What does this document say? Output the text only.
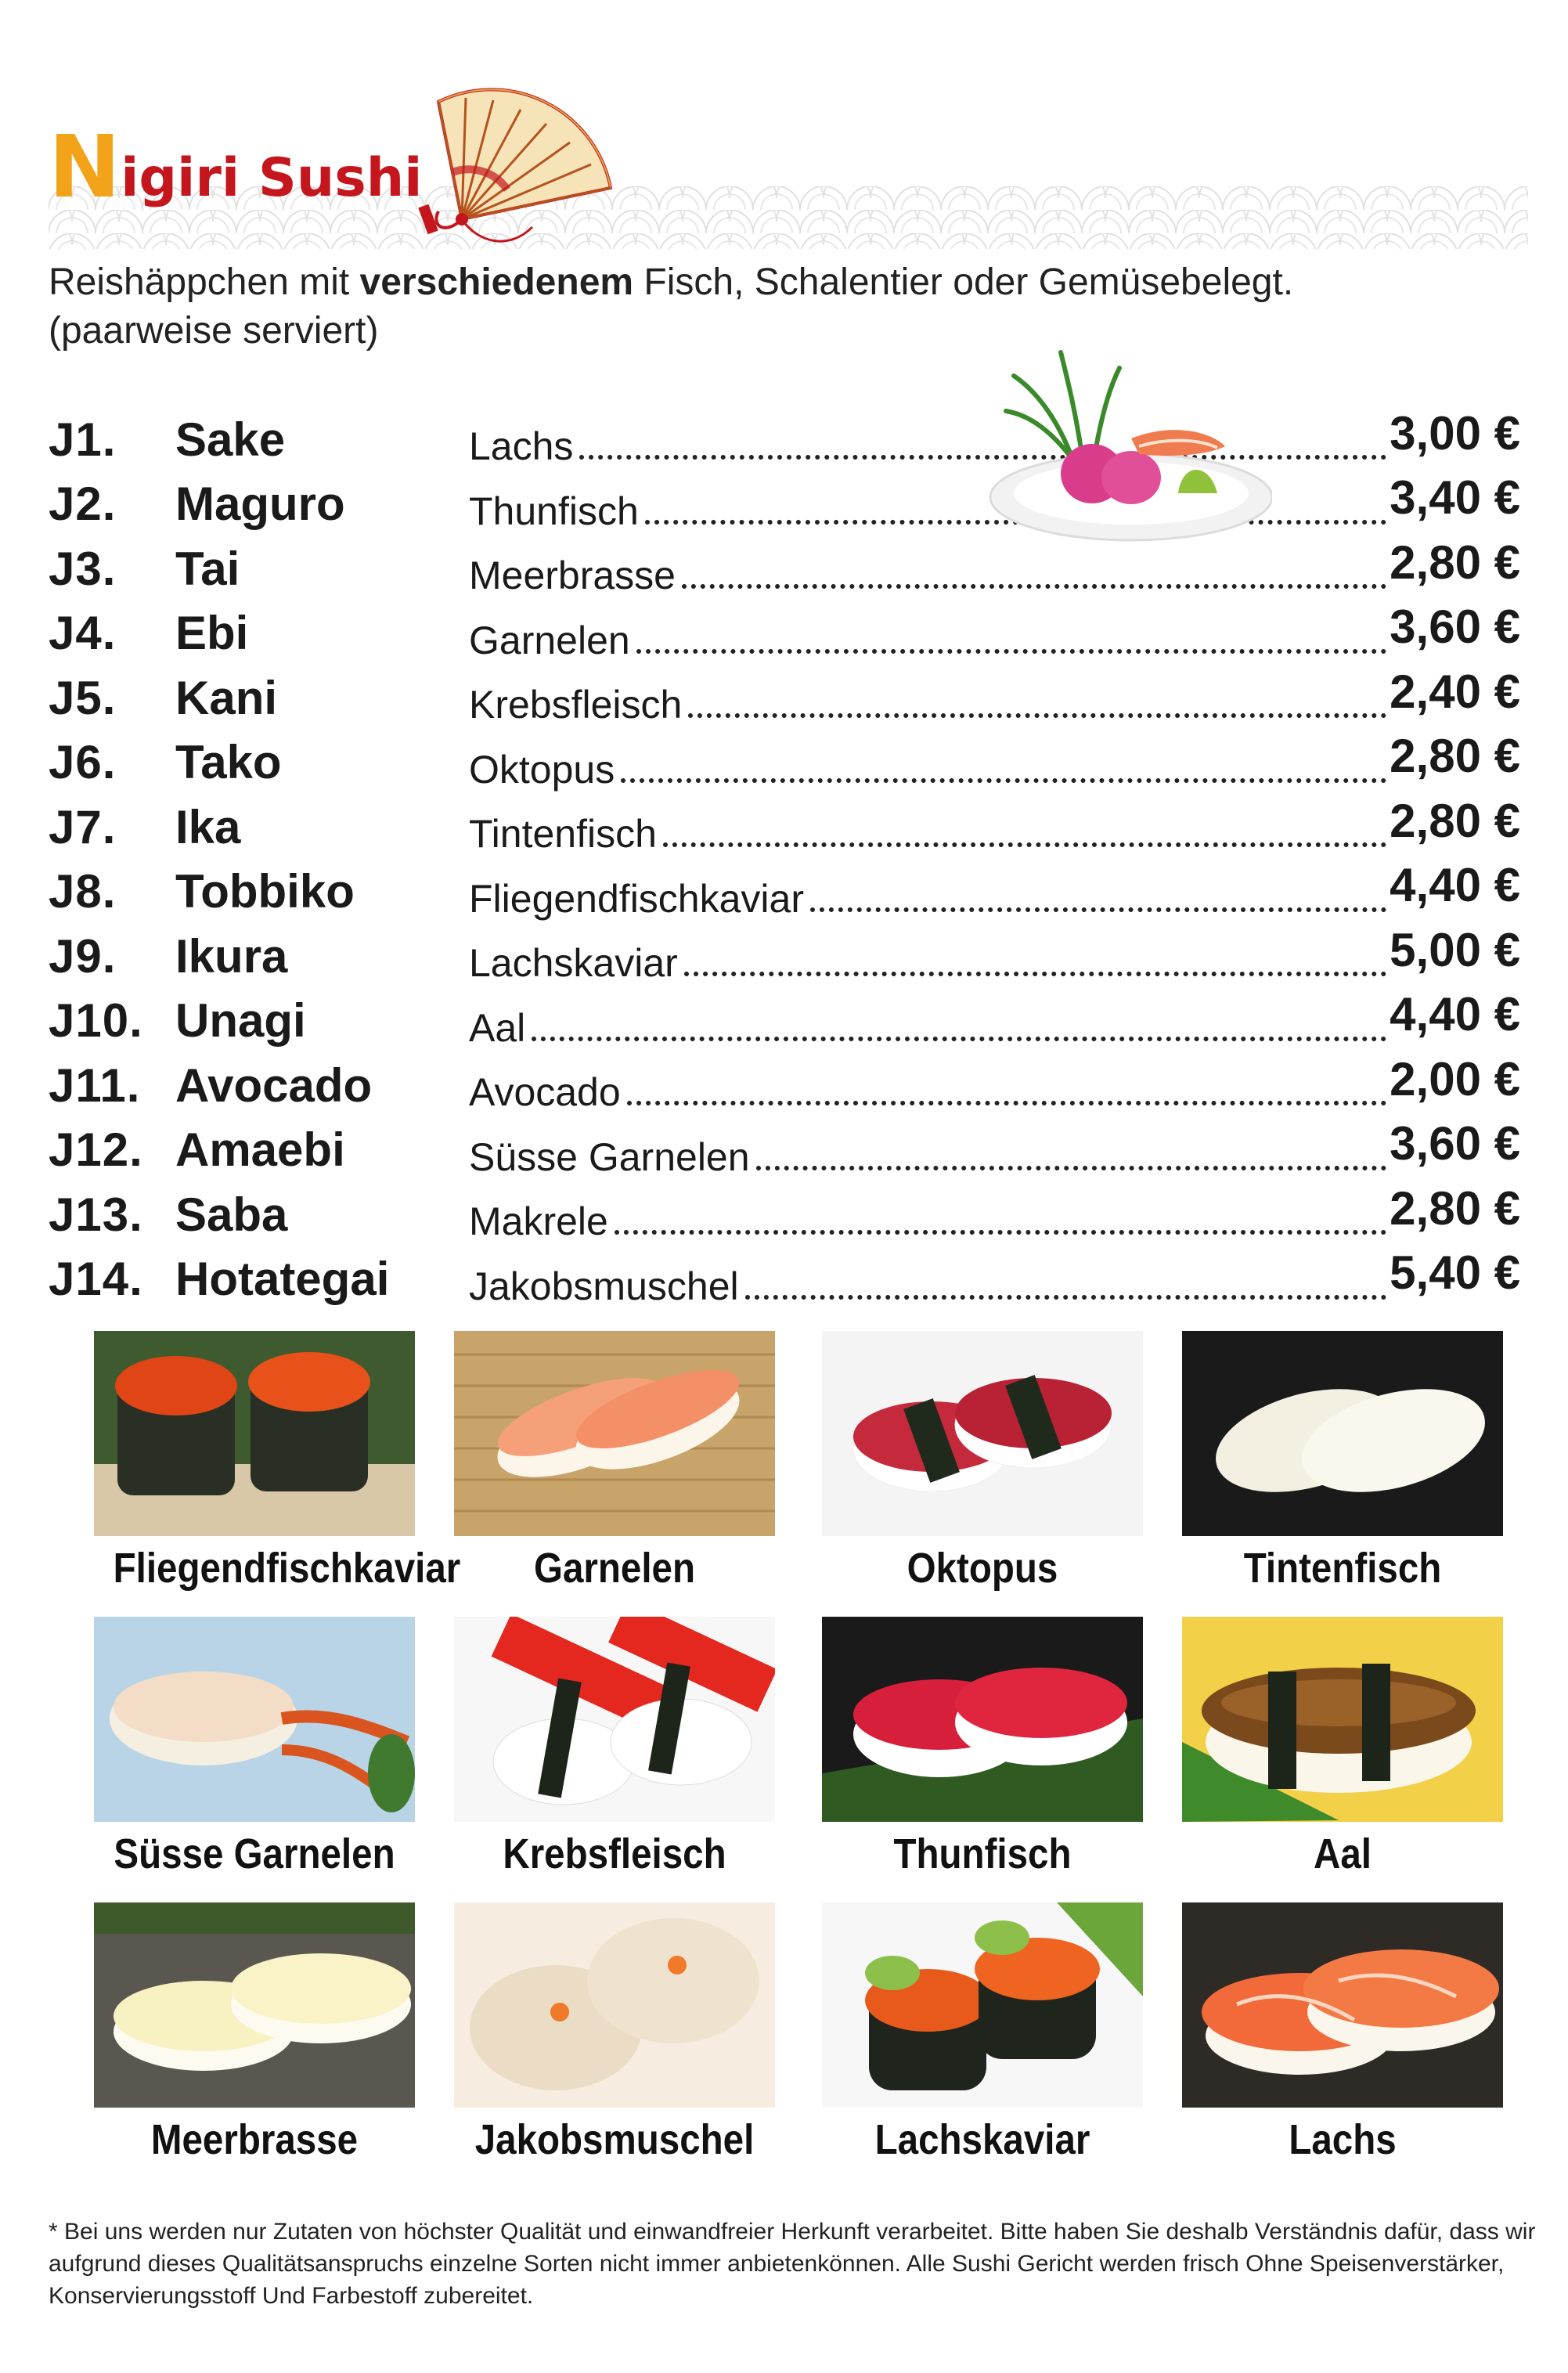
N igiri Sushi
Reishäppchen mit verschiedenem Fisch, Schalentier oder Gemüsebelegt.
(paarweise serviert)
J1.	Sake	Lachs	3,00 €
J2.	Maguro	Thunfisch	3,40 €
J3.	Tai	Meerbrasse	2,80 €
J4.	Ebi	Garnelen	3,60 €
J5.	Kani	Krebsfleisch	2,40 €
J6.	Tako	Oktopus	2,80 €
J7.	Ika	Tintenfisch	2,80 €
J8.	Tobbiko	Fliegendfischkaviar	4,40 €
J9.	Ikura	Lachskaviar	5,00 €
J10. Unagi	Aal	4,40 €
J11. Avocado	Avocado	2,00 €
J12. Amaebi	Süsse Garnelen	3,60 €
J13. Saba	Makrele	2,80 €
J14. Hotategai	Jakobsmuschel	5,40 €
Fliegendfischkaviar	Garnelen	Oktopus	Tintenfisch
Süsse Garnelen	Krebsfleisch	Thunfisch	Aal
Meerbrasse	Jakobsmuschel	Lachskaviar	Lachs
* Bei uns werden nur Zutaten von höchster Qualität und einwandfreier Herkunft verarbeitet. Bitte haben Sie deshalb Verständnis dafür, dass wir aufgrund dieses Qualitätsanspruchs einzelne Sorten nicht immer anbietenkönnen. Alle Sushi Gericht werden frisch Ohne Speisenverstärker, Konservierungsstoff Und Farbestoff zubereitet.
